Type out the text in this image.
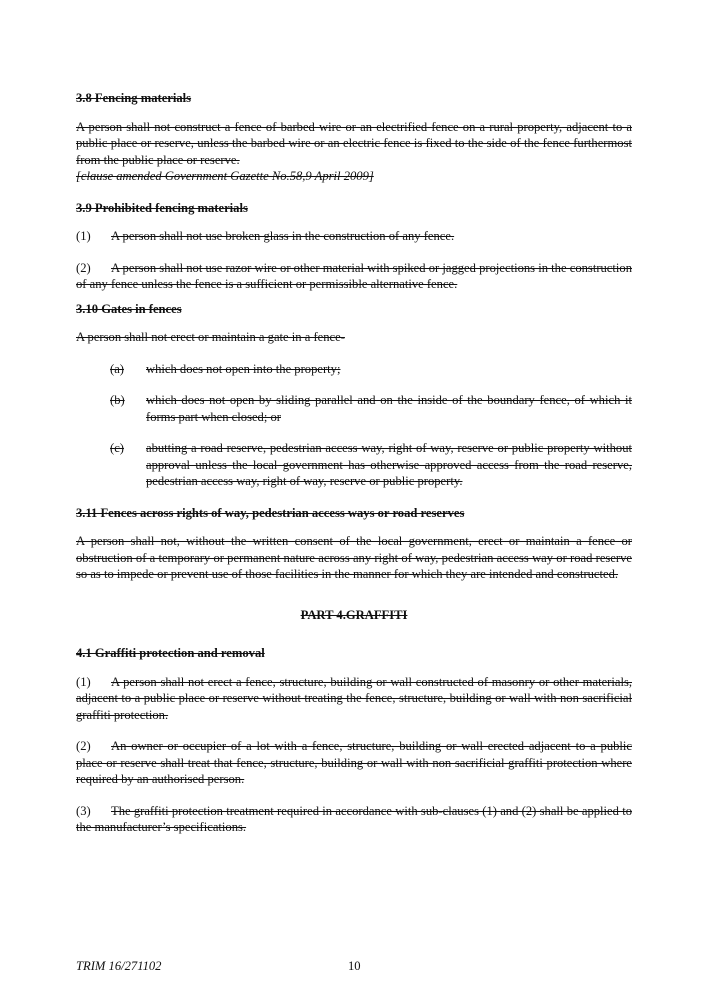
3.8 Fencing materials
A person shall not construct a fence of barbed wire or an electrified fence on a rural property, adjacent to a public place or reserve, unless the barbed wire or an electric fence is fixed to the side of the fence furthermost from the public place or reserve.
[clause amended Government Gazette No.58,9 April 2009]
3.9 Prohibited fencing materials
(1) A person shall not use broken glass in the construction of any fence.
(2) A person shall not use razor wire or other material with spiked or jagged projections in the construction of any fence unless the fence is a sufficient or permissible alternative fence.
3.10 Gates in fences
A person shall not erect or maintain a gate in a fence-
(a)	which does not open into the property;
(b)	which does not open by sliding parallel and on the inside of the boundary fence, of which it forms part when closed; or
(c)	abutting a road reserve, pedestrian access way, right of way, reserve or public property without approval unless the local government has otherwise approved access from the road reserve, pedestrian access way, right of way, reserve or public property.
3.11 Fences across rights of way, pedestrian access ways or road reserves
A person shall not, without the written consent of the local government, erect or maintain a fence or obstruction of a temporary or permanent nature across any right of way, pedestrian access way or road reserve so as to impede or prevent use of those facilities in the manner for which they are intended and constructed.
PART 4.GRAFFITI
4.1 Graffiti protection and removal
(1) A person shall not erect a fence, structure, building or wall constructed of masonry or other materials, adjacent to a public place or reserve without treating the fence, structure, building or wall with non sacrificial graffiti protection.
(2) An owner or occupier of a lot with a fence, structure, building or wall erected adjacent to a public place or reserve shall treat that fence, structure, building or wall with non sacrificial graffiti protection where required by an authorised person.
(3) The graffiti protection treatment required in accordance with sub-clauses (1) and (2) shall be applied to the manufacturer’s specifications.
TRIM 16/271102	10
